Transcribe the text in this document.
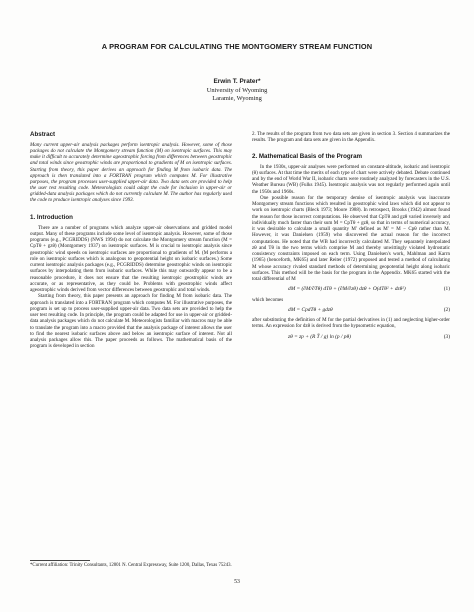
A PROGRAM FOR CALCULATING THE MONTGOMERY STREAM FUNCTION
Erwin T. Prater*
University of Wyoming
Laramie, Wyoming
Abstract
Many current upper-air analysis packages perform isentropic analysis. However, some of those packages do not calculate the Montgomery stream function (M) on isentropic surfaces. This may make it difficult to accurately determine ageostrophic forcing from differences between geostrophic and total winds since geostrophic winds are proportional to gradients of M on isentropic surfaces. Starting from theory, this paper derives an approach for finding M from isobaric data. The approach is then translated into a FORTRAN program which computes M. For illustrative purposes, the program processes user-supplied upper-air data. Two data sets are provided to help the user test resulting code. Meteorologists could adapt the code for inclusion in upper-air or gridded-data analysis packages which do not currently calculate M. The author has regularly used the code to produce isentropic analyses since 1993.
1. Introduction

There are a number of programs which analyze upper-air observations and gridded model output. Many of these programs include some level of isentropic analysis. However, some of those programs (e.g., PCGRIDDS) (NWS 1994) do not calculate the Montgomery stream function (M = CpTθ + gzθ) (Montgomery 1937) on isentropic surfaces. M is crucial to isentropic analysis since geostrophic wind speeds on isentropic surfaces are proportional to gradients of M. (M performs a role on isentropic surfaces which is analogous to geopotential height on isobaric surfaces.) Some current isentropic analysis packages (e.g., PCGRIDDS) determine geostrophic winds on isentropic surfaces by interpolating them from isobaric surfaces. While this may outwardly appear to be a reasonable procedure, it does not ensure that the resulting isentropic geostrophic winds are accurate, or as representative, as they could be. Problems with geostrophic winds affect ageostrophic winds derived from vector differences between geostrophic and total winds.

Starting from theory, this paper presents an approach for finding M from isobaric data. The approach is translated into a FORTRAN program which computes M. For illustrative purposes, the program is set up to process user-supplied upper-air data. Two data sets are provided to help the user test resulting code. In principle, the program could be adapted for use in upper-air or gridded-data analysis packages which do not calculate M. Meteorologists familiar with macros may be able to translate the program into a macro provided that the analysis package of interest allows the user to find the nearest isobaric surfaces above and below an isentropic surface of interest. Not all analysis packages allow this. The paper proceeds as follows. The mathematical basis of the program is developed in section

2. The results of the program from two data sets are given in section 3. Section 4 summarizes the results. The program and data sets are given in the Appendix.

2. Mathematical Basis of the Program

In the 1930s, upper-air analyses were performed on constant-altitude, isobaric and isentropic (θ) surfaces. At that time the merits of each type of chart were actively debated. Debate continued and by the end of World War II, isobaric charts were routinely analyzed by forecasters in the U.S. Weather Bureau (WB) (Fulks 1945). Isentropic analysis was not regularly performed again until the 1950s and 1960s.

One possible reason for the temporary demise of isentropic analysis was inaccurate Montgomery stream functions which resulted in geostrophic wind laws which did not appear to work on isentropic charts (Bleck 1973; Moore 1988). In retrospect, Brooks (1942) almost found the reason for those incorrect computations. He observed that CpTθ and gzθ varied inversely and individually much faster than their sum M = CpTθ + gzθ, so that in terms of numerical accuracy, it was desirable to calculate a small quantity M' defined as M' = M − Cpθ rather than M. However, it was Danielsen (1959) who discovered the actual reason for the incorrect computations. He noted that the WB had incorrectly calculated M. They separately interpolated zθ and Tθ in the two terms which comprise M and thereby unwittingly violated hydrostatic consistency constraints imposed on each term. Using Danielsen's work, Mahlman and Karrn (1965) (henceforth, MK65) and later Reiter (1972) proposed and tested a method of calculating M whose accuracy rivaled standard methods of determining geopotential height along isobaric surfaces. This method will be the basis for the program in the Appendix. MK65 started with the total differential of M

dM = (∂M/∂Tθ) dTθ + (∂M/∂zθ) dzθ + O(dTθ² + dzθ²)	(1)

which becomes

dM = CpdTθ + gdzθ	(2)

after substituting the definition of M for the partial derivatives in (1) and neglecting higher-order terms. An expression for dzθ is derived from the hypsometric equation,

zθ = zp + (R T̄ / g) ln (p / pθ)	(3)
*Current affiliation: Trinity Consultants, 12801 N. Central Expressway, Suite 1200, Dallas, Texas 75243.
53
